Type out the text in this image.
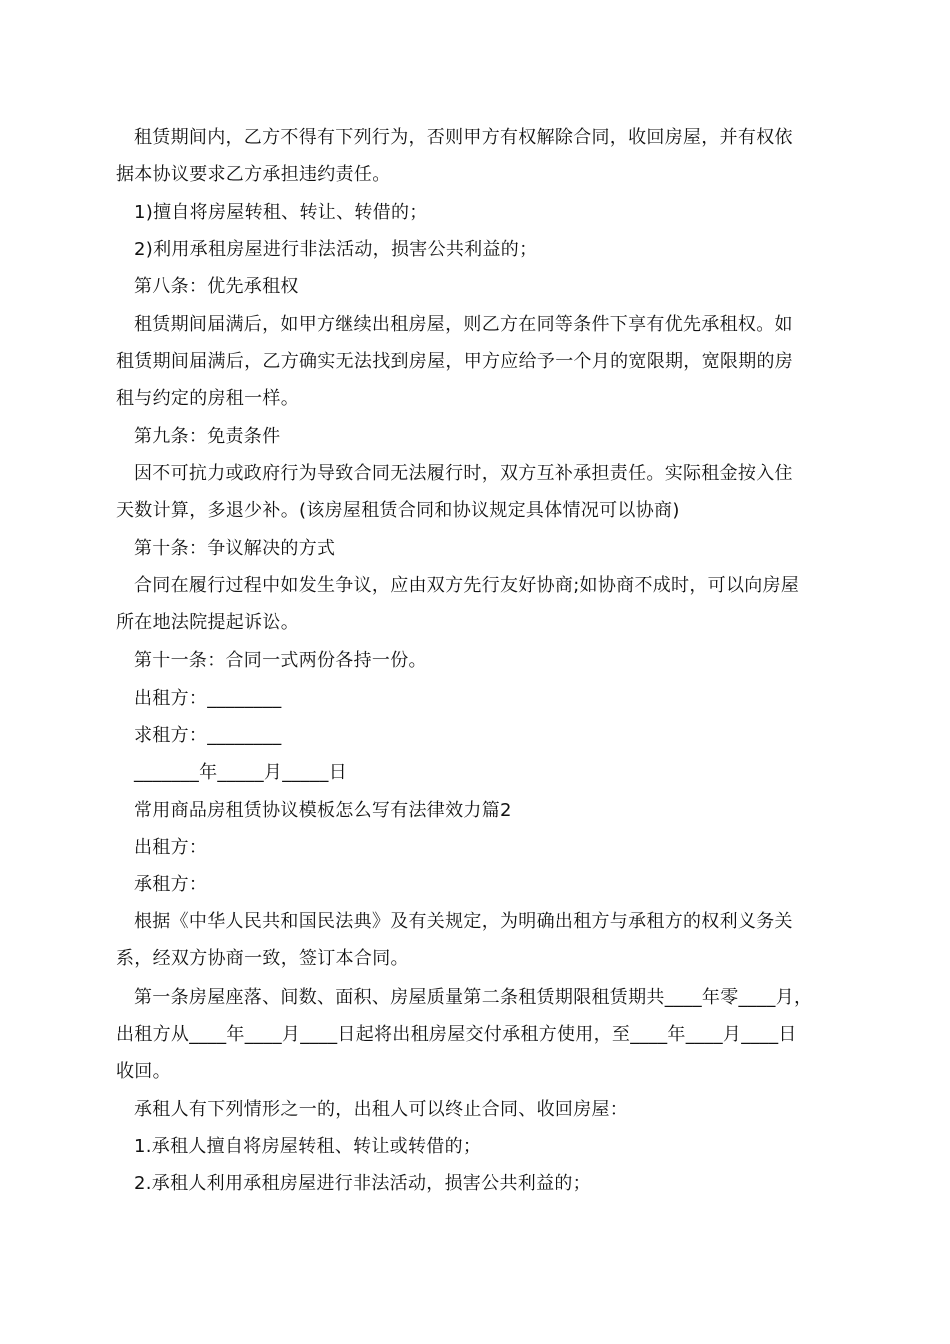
租赁期间内，乙方不得有下列行为，否则甲方有权解除合同，收回房屋，并有权依
据本协议要求乙方承担违约责任。

1)擅自将房屋转租、转让、转借的；

2)利用承租房屋进行非法活动，损害公共利益的；

第八条：优先承租权

租赁期间届满后，如甲方继续出租房屋，则乙方在同等条件下享有优先承租权。如
租赁期间届满后，乙方确实无法找到房屋，甲方应给予一个月的宽限期，宽限期的房
租与约定的房租一样。

第九条：免责条件

因不可抗力或政府行为导致合同无法履行时，双方互补承担责任。实际租金按入住
天数计算，多退少补。(该房屋租赁合同和协议规定具体情况可以协商)

第十条：争议解决的方式

合同在履行过程中如发生争议，应由双方先行友好协商;如协商不成时，可以向房屋
所在地法院提起诉讼。

第十一条：合同一式两份各持一份。

出租方：________

求租方：________

_______年_____月_____日

常用商品房租赁协议模板怎么写有法律效力篇2

出租方：

承租方：

根据《中华人民共和国民法典》及有关规定，为明确出租方与承租方的权利义务关
系，经双方协商一致，签订本合同。

第一条房屋座落、间数、面积、房屋质量第二条租赁期限租赁期共____年零____月，
出租方从____年____月____日起将出租房屋交付承租方使用，至____年____月____日
收回。

承租人有下列情形之一的，出租人可以终止合同、收回房屋：

1.承租人擅自将房屋转租、转让或转借的；

2.承租人利用承租房屋进行非法活动，损害公共利益的；
